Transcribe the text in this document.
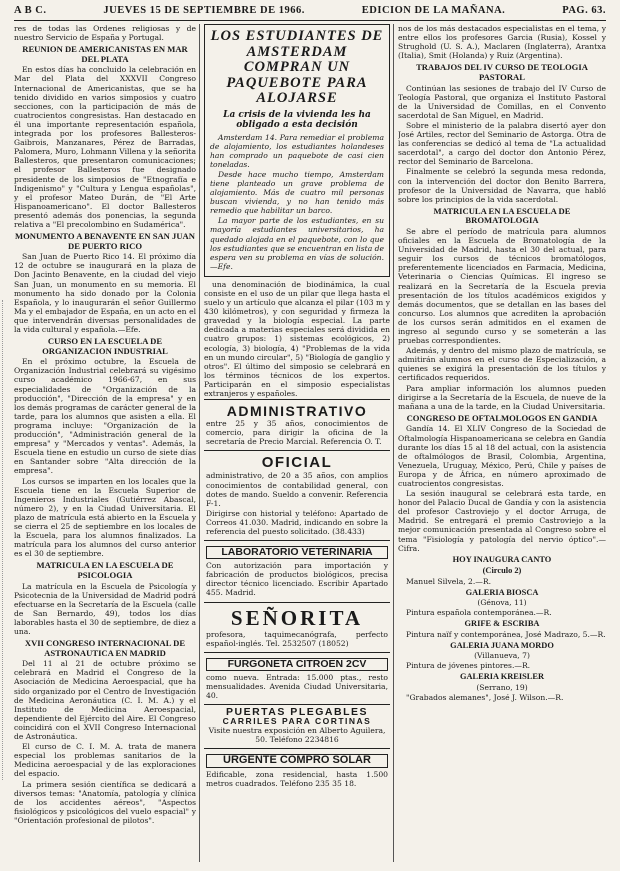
A B C.	JUEVES 15 DE SEPTIEMBRE DE 1966.	EDICION DE LA MAÑANA.	PAG. 63.

res de todas las Ordenes religiosas y de nuestro Servicio de España y Portugal.

REUNION DE AMERICANISTAS EN MAR DEL PLATA

En estos días ha concluido la celebración en Mar del Plata del XXXVII Congreso Internacional de Americanistas, que se ha tenido dividido en varios simposios y cuatro secciones, con la participación de más de cuatrocientos congresistas. Han destacado en él una importante representación española, integrada por los profesores Ballesteros-Gaibrois, Manzanares, Pérez de Barradas, Palomera, Muro, Lohmann Villena y la señorita Ballesteros, que presentaron comunicaciones; el profesor Ballesteros fue designado presidente de los simposios de "Etnografía e Indigenismo" y "Cultura y Lengua españolas", y el profesor Mateo Durán, de "El Arte Hispanoamericano". El doctor Ballesteros presentó además dos ponencias, la segunda relativa a "El precolombino en Sudamérica".

MONUMENTO A BENAVENTE EN SAN JUAN DE PUERTO RICO

San Juan de Puerto Rico 14. El próximo día 12 de octubre se inaugurará en la plaza de Don Jacinto Benavente, en la ciudad del viejo San Juan, un monumento en su memoria. El monumento ha sido donado por la Colonia Española, y lo inaugurarán el señor Guillermo Ma y el embajador de España, en un acto en el que intervendrán diversas personalidades de la vida cultural y española.—Efe.

CURSO EN LA ESCUELA DE ORGANIZACION INDUSTRIAL

En el próximo octubre, la Escuela de Organización Industrial celebrará su vigésimo curso académico 1966-67, en sus especialidades de "Organización de la producción", "Dirección de la empresa" y en los demás programas de carácter general de la tarde, para los alumnos que asisten a ella. El programa incluye: "Organización de la producción", "Administración general de la empresa" y "Mercados y ventas". Además, la Escuela tiene en estudio un curso de siete días en Santander sobre "Alta dirección de la empresa".

Los cursos se imparten en los locales que la Escuela tiene en la Escuela Superior de Ingenieros Industriales (Gutiérrez Abascal, número 2), y en la Ciudad Universitaria. El plazo de matrícula está abierto en la Escuela y se cierra el 25 de septiembre en los locales de la Escuela, para los alumnos finalizados. La matrícula para los alumnos del curso anterior es el 30 de septiembre.

MATRICULA EN LA ESCUELA DE PSICOLOGIA

La matrícula en la Escuela de Psicología y Psicotecnia de la Universidad de Madrid podrá efectuarse en la Secretaría de la Escuela (calle de San Bernardo, 49), todos los días laborables hasta el 30 de septiembre, de diez a una.

XVII CONGRESO INTERNACIONAL DE ASTRONAUTICA EN MADRID

Del 11 al 21 de octubre próximo se celebrará en Madrid el Congreso de la Asociación de Medicina Aeroespacial, que ha sido organizado por el Centro de Investigación de Medicina Aeronáutica (C. I. M. A.) y el Instituto de Medicina Aeroespacial, dependiente del Ejército del Aire. El Congreso coincidirá con el XVII Congreso Internacional de Astronáutica.

El curso de C. I. M. A. trata de manera especial los problemas sanitarios de la Medicina aeroespacial y de las exploraciones del espacio.

La primera sesión científica se dedicará a diversos temas: "Anatomía, patología y clínica de los accidentes aéreos", "Aspectos fisiológicos y psicológicos del vuelo espacial" y "Orientación profesional de pilotos".

LOS ESTUDIANTES DE AMSTERDAM COMPRAN UN PAQUEBOTE PARA ALOJARSE
La crisis de la vivienda les ha obligado a esta decisión

Amsterdam 14. Para remediar el problema de alojamiento, los estudiantes holandeses han comprado un paquebote de casi cien toneladas.

Desde hace mucho tiempo, Amsterdam tiene planteado un grave problema de alojamiento. Más de cuatro mil personas buscan vivienda, y no han tenido más remedio que habilitar un barco.

La mayor parte de los estudiantes, en su mayoría estudiantes universitarios, ha quedado alojada en el paquebote, con lo que los estudiantes que se encuentran en lista de espera ven su problema en vías de solución.—Efe.

una denominación de biodinámica, la cual consiste en el uso de un pilar que llega hasta el suelo y un artículo que alcanza el pilar (103 m y 430 kilómetros), y con seguridad y firmeza la gravedad y la biología especial. La parte dedicada a materias especiales será dividida en cuatro grupos: 1) sistemas ecológicos, 2) ecología, 3) biología, 4) "Problemas de la vida en un mundo circular", 5) "Biología de ganglio y otros". El último del simposio se celebrará en los términos técnicos de los expertos. Participarán en el simposio especialistas extranjeros y españoles.

ADMINISTRATIVO

entre 25 y 35 años, conocimientos de comercio, para dirigir la oficina de la secretaría de Precio Marcial. Referencia O. T.

OFICIAL

administrativo, de 20 a 35 años, con amplios conocimientos de contabilidad general, con dotes de mando. Sueldo a convenir. Referencia F-1.

Dirigirse con historial y teléfono: Apartado de Correos 41.030. Madrid, indicando en sobre la referencia del puesto solicitado. (38.433)

LABORATORIO VETERINARIA

Con autorización para importación y fabricación de productos biológicos, precisa director técnico licenciado. Escribir Apartado 455. Madrid.

SEÑORITA

profesora, taquimecanógrafa, perfecto español-inglés. Tel. 2532507 (18052)

FURGONETA CITROEN 2CV

como nueva. Entrada: 15.000 ptas., resto mensualidades. Avenida Ciudad Universitaria, 40.

PUERTAS PLEGABLES
CARRILES PARA CORTINAS

Visite nuestra exposición en Alberto Aguilera, 50. Teléfono 2234816

URGENTE COMPRO SOLAR

Edificable, zona residencial, hasta 1.500 metros cuadrados. Teléfono 235 35 18.

nos de los más destacados especialistas en el tema, y entre ellos los profesores Garcia (Rusia), Kossel y Strughold (U. S. A.), Maclaren (Inglaterra), Arantxa (Italia), Smit (Holanda) y Ruiz (Argentina).

TRABAJOS DEL IV CURSO DE TEOLOGIA PASTORAL

Continúan las sesiones de trabajo del IV Curso de Teología Pastoral, que organiza el Instituto Pastoral de la Universidad de Comillas, en el Convento sacerdotal de San Miguel, en Madrid.

Sobre el ministerio de la palabra disertó ayer don José Artiles, rector del Seminario de Astorga. Otra de las conferencias se dedicó al tema de "La actualidad sacerdotal", a cargo del doctor don Antonio Pérez, rector del Seminario de Barcelona.

Finalmente se celebró la segunda mesa redonda, con la intervención del doctor don Benito Barrera, profesor de la Universidad de Navarra, que habló sobre los principios de la vida sacerdotal.

MATRICULA EN LA ESCUELA DE BROMATOLOGIA

Se abre el período de matrícula para alumnos oficiales en la Escuela de Bromatología de la Universidad de Madrid, hasta el 30 del actual, para seguir los cursos de técnicos bromatólogos, preferentemente licenciados en Farmacia, Medicina, Veterinaria o Ciencias Químicas. El ingreso se realizará en la Secretaría de la Escuela previa presentación de los títulos académicos exigidos y demás documentos, que se detallan en las bases del concurso. Los alumnos que acrediten la aprobación de los cursos serán admitidos en el examen de ingreso al segundo curso y se someterán a las pruebas correspondientes.

Además, y dentro del mismo plazo de matrícula, se admitirán alumnos en el curso de Especialización, a quienes se exigirá la presentación de los títulos y certificados requeridos.

Para ampliar información los alumnos pueden dirigirse a la Secretaría de la Escuela, de nueve de la mañana a una de la tarde, en la Ciudad Universitaria.

CONGRESO DE OFTALMOLOGOS EN GANDIA

Gandía 14. El XLIV Congreso de la Sociedad de Oftalmología Hispanoamericana se celebra en Gandía durante los días 15 al 18 del actual, con la asistencia de oftalmólogos de Brasil, Colombia, Argentina, Venezuela, Uruguay, México, Perú, Chile y países de Europa y de África, en número aproximado de cuatrocientos congresistas.

La sesión inaugural se celebrará esta tarde, en honor del Palacio Ducal de Gandía y con la asistencia del profesor Castroviejo y el doctor Arruga, de Madrid. Se entregará el premio Castroviejo a la mejor comunicación presentada al Congreso sobre el tema "Fisiología y patología del nervio óptico".—Cifra.

HOY INAUGURA CANTO
(Circulo 2)

Manuel Silvela, 2.—R.

GALERIA BIOSCA

(Génova, 11)

Pintura española contemporánea.—R.

GRIFE & ESCRIBA

Pintura naïf y contemporánea, José Madrazo, 5.—R.

GALERIA JUANA MORDO

(Villanueva, 7)

Pintura de jóvenes pintores.—R.

GALERIA KREISLER

(Serrano, 19)

"Grabados alemanes", José J. Wilson.—R.
